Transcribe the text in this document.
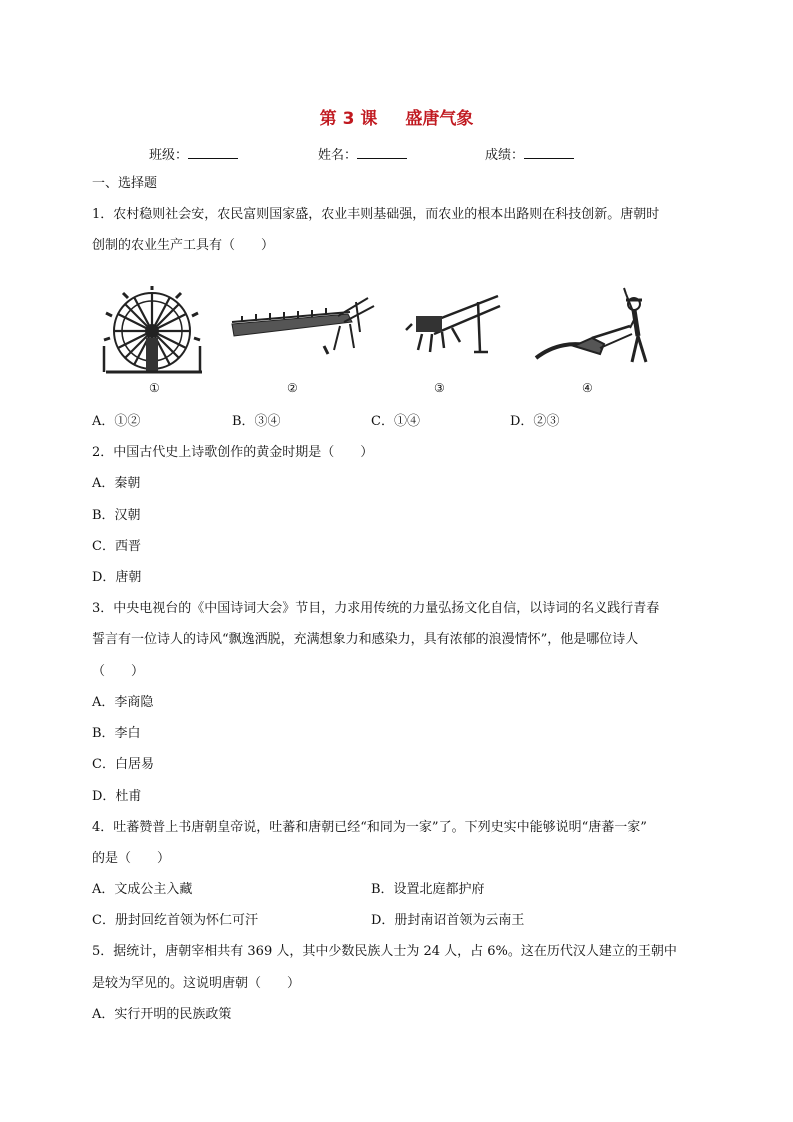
第 3 课 盛唐气象
班级：	姓名：	成绩：
一、选择题
1．农村稳则社会安，农民富则国家盛，农业丰则基础强，而农业的根本出路则在科技创新。唐朝时
创制的农业生产工具有（　　）
①	②	③	④
A．①②	B．③④	C．①④	D．②③
2．中国古代史上诗歌创作的黄金时期是（　　）
A．秦朝
B．汉朝
C．西晋
D．唐朝
3．中央电视台的《中国诗词大会》节目，力求用传统的力量弘扬文化自信，以诗词的名义践行青春
誓言有一位诗人的诗风“飘逸洒脱，充满想象力和感染力，具有浓郁的浪漫情怀”，他是哪位诗人
（　　）
A．李商隐
B．李白
C．白居易
D．杜甫
4．吐蕃赞普上书唐朝皇帝说，吐蕃和唐朝已经“和同为一家”了。下列史实中能够说明“唐蕃一家”
的是（　　）
A．文成公主入藏	B．设置北庭都护府
C．册封回纥首领为怀仁可汗	D．册封南诏首领为云南王
5．据统计，唐朝宰相共有 369 人，其中少数民族人士为 24 人，占 6%。这在历代汉人建立的王朝中
是较为罕见的。这说明唐朝（　　）
A．实行开明的民族政策
